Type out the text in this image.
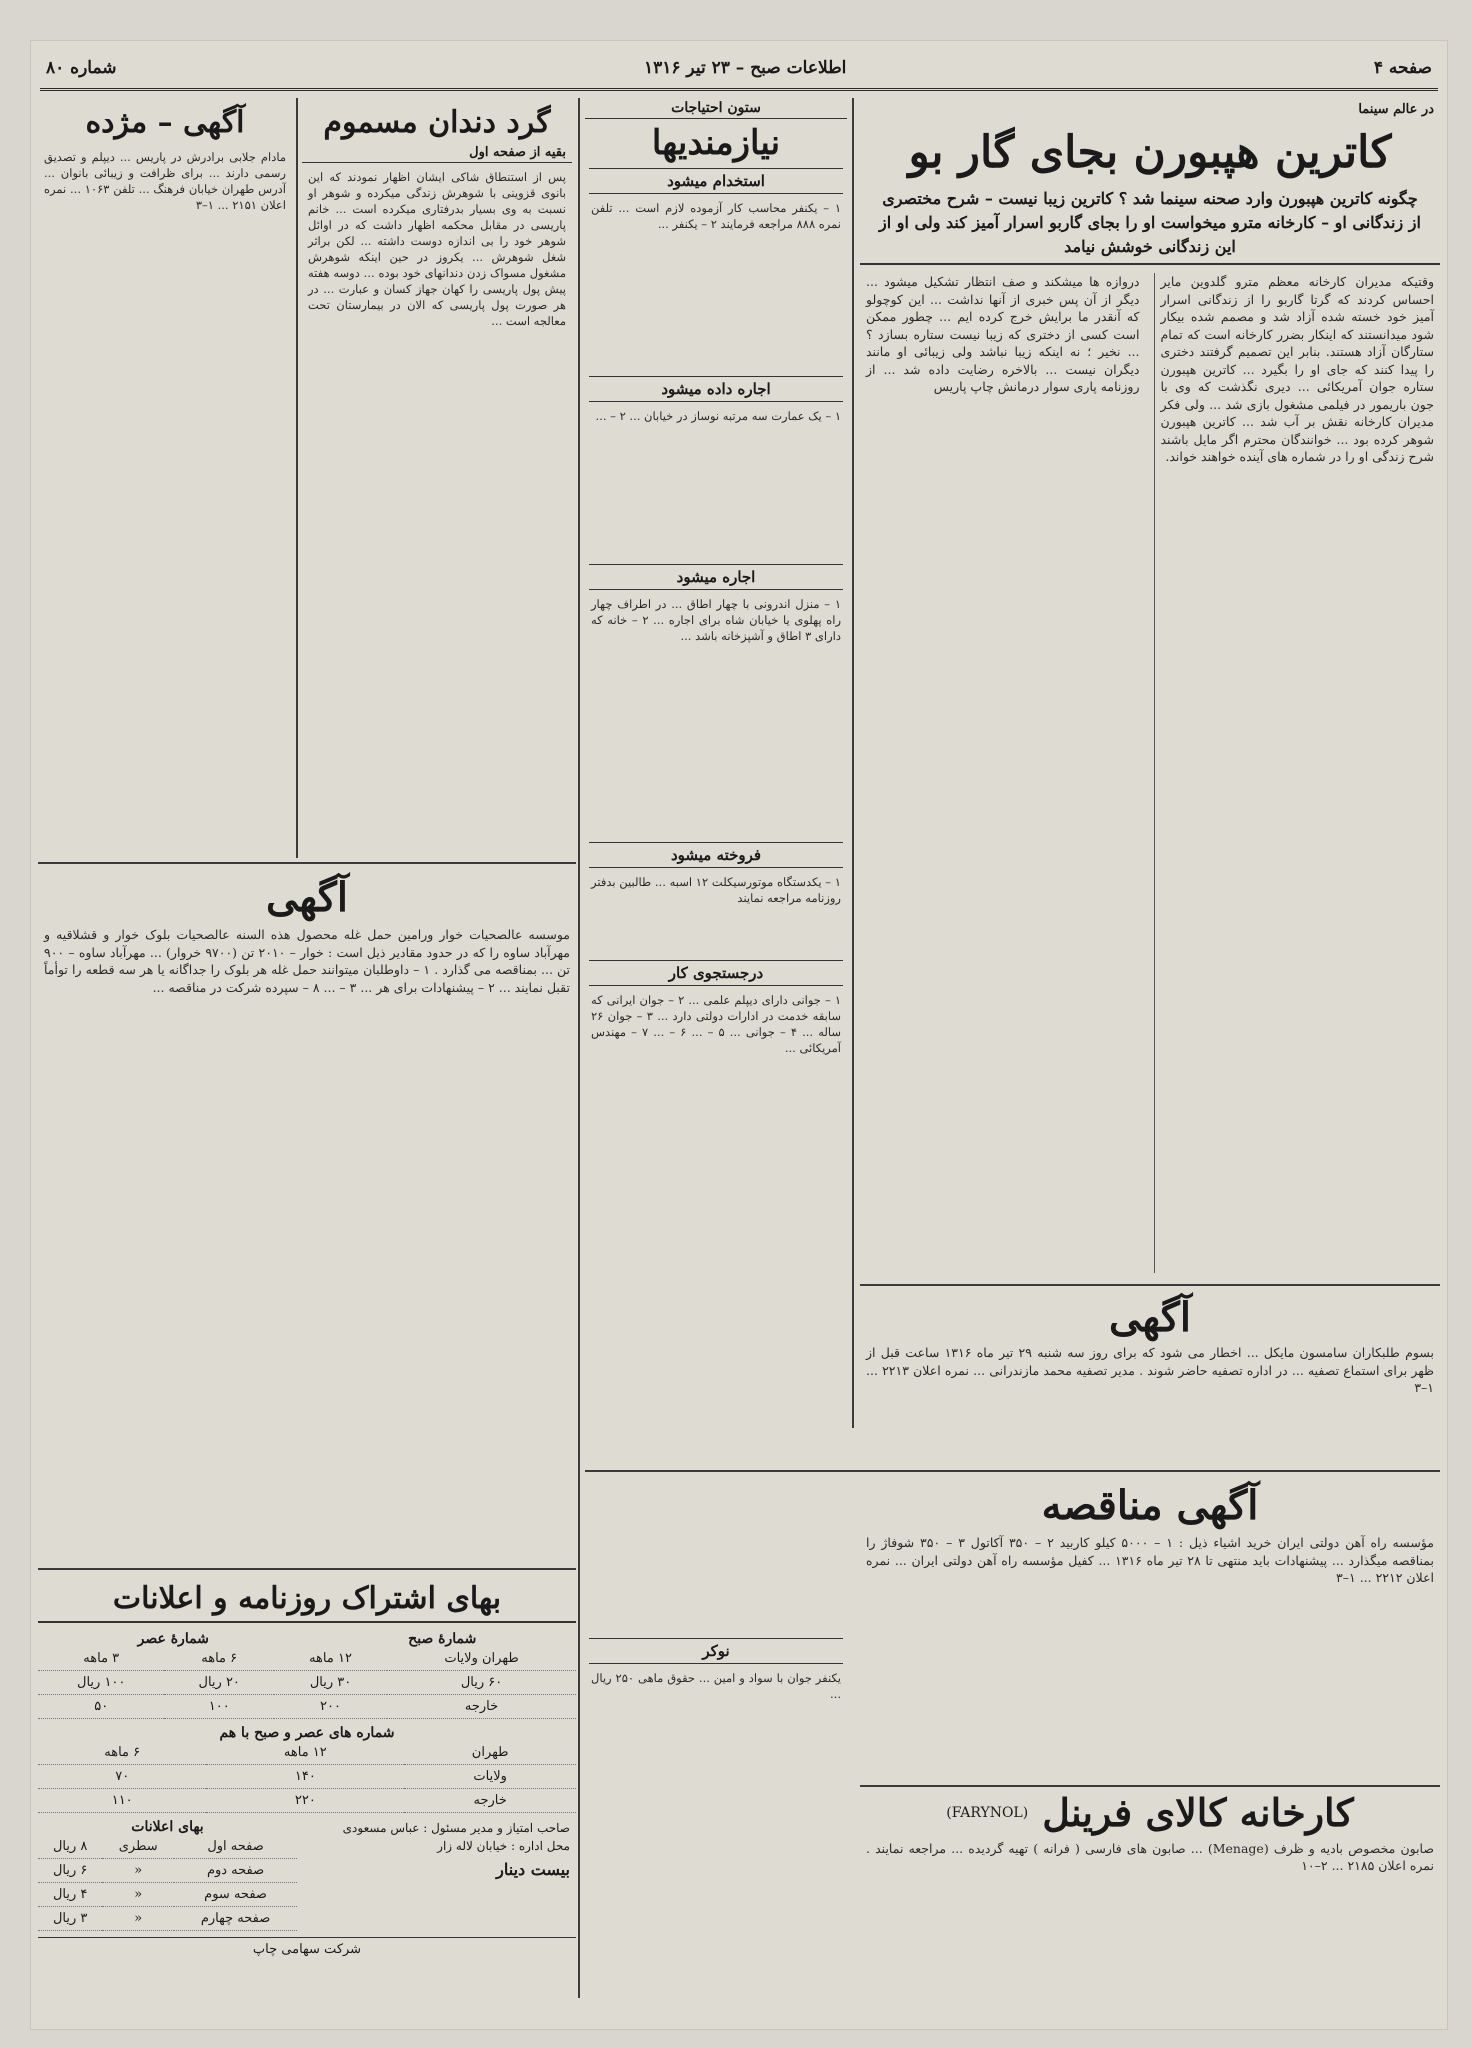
صفحه ۴
اطلاعات صبح – ۲۳ تیر ۱۳۱۶
شماره ۸۰
در عالم سینما
کاترین هپبورن بجای گار بو
چگونه کاترین هپبورن وارد صحنه سینما شد ؟ کاترین زیبا نیست – شرح مختصری از زندگانی او – کارخانه مترو میخواست او را بجای گاربو اسرار آمیز کند ولی او از این زندگانی خوشش نیامد
وقتیکه مدیران کارخانه معظم مترو گلدوین مایر احساس کردند که گرتا گاربو را از زندگانی اسرار آمیز خود خسته شده آزاد شد و مصمم شده بیکار شود میدانستند که اینکار بضرر کارخانه است که تمام ستارگان آزاد هستند. بنابر این تصمیم گرفتند دختری را پیدا کنند که جای او را بگیرد ... کاترین هپبورن ستاره جوان آمریکائی ... دیری نگذشت که وی با جون باریمور در فیلمی مشغول بازی شد ... ولی فکر مدیران کارخانه نقش بر آب شد ... کاترین هپبورن شوهر کرده بود ... خوانندگان محترم اگر مایل باشند شرح زندگی او را در شماره های آینده خواهند خواند.
دروازه ها میشکند و صف انتظار تشکیل میشود ... دیگر از آن پس خبری از آنها نداشت ... این کوچولو که آنقدر ما برایش خرج کرده ایم ... چطور ممکن است کسی از دختری که زیبا نیست ستاره بسازد ؟ ... نخیر ؛ نه اینکه زیبا نباشد ولی زیبائی او مانند دیگران نیست ... بالاخره رضایت داده شد ... از روزنامه پاری سوار درمانش چاپ پاریس
ستون احتیاجات
نیازمندیها
استخدام میشود
۱ – یکنفر محاسب کار آزموده لازم است ... تلفن نمره ۸۸۸ مراجعه فرمایند ۲ – یکنفر ...
اجاره داده میشود
۱ – یک عمارت سه مرتبه نوساز در خیابان ... ۲ – ...
اجاره میشود
۱ – منزل اندرونی با چهار اطاق ... در اطراف چهار راه پهلوی یا خیابان شاه برای اجاره ... ۲ – خانه که دارای ۳ اطاق و آشپزخانه باشد ...
فروخته میشود
۱ – یکدستگاه موتورسیکلت ۱۲ اسبه ... طالبین بدفتر روزنامه مراجعه نمایند
درجستجوی کار
۱ – جوانی دارای دیپلم علمی ... ۲ – جوان ایرانی که سابقه خدمت در ادارات دولتی دارد ... ۳ – جوان ۲۶ ساله ... ۴ – جوانی ... ۵ – ... ۶ – ... ۷ – مهندس آمریکائی ...
نوکر
یکنفر جوان با سواد و امین ... حقوق ماهی ۲۵۰ ریال ...
گرد دندان مسموم
بقیه از صفحه اول
پس از استنطاق شاکی ایشان اظهار نمودند که این بانوی قزوینی با شوهرش زندگی میکرده و شوهر او نسبت به وی بسیار بدرفتاری میکرده است ... خانم پاریسی در مقابل محکمه اظهار داشت که در اوائل شوهر خود را بی اندازه دوست داشته ... لکن براثر شغل شوهرش ... یکروز در حین اینکه شوهرش مشغول مسواک زدن دندانهای خود بوده ... دوسه هفته پیش پول پاریسی را کهان جهاز کسان و عبارت ... در هر صورت پول پاریسی که الان در بیمارستان تحت معالجه است ...
آگهی – مژده
مادام جلابی برادرش در پاریس ... دیپلم و تصدیق رسمی دارند ... برای ظرافت و زیبائی بانوان ... آدرس طهران خیابان فرهنگ ... تلفن ۱۰۶۳ ... نمره اعلان ۲۱۵۱ ... ۱–۳
آگهی
موسسه عالصحیات خوار ورامین حمل غله محصول هذه السنه عالصحیات بلوک خوار و قشلاقیه و مهرآباد ساوه را که در حدود مقادیر ذیل است : خوار – ۲۰۱۰ تن (۹۷۰۰ خروار) ... مهرآباد ساوه – ۹۰۰ تن ... بمناقصه می گذارد . ۱ – داوطلبان میتوانند حمل غله هر بلوک را جداگانه یا هر سه قطعه را توأماً تقبل نمایند ... ۲ – پیشنهادات برای هر ... ۳ – ... ۸ – سپرده شرکت در مناقصه ...
بهای اشتراک روزنامه و اعلانات
شمارهٔ صبح
شمارهٔ عصر
طهران ولایات	۱۲ ماهه	۶ ماهه	۳ ماهه
۶۰ ریال	۳۰ ریال	۲۰ ریال	۱۰۰ ریال
خارجه	۲۰۰	۱۰۰	۵۰
شماره های عصر و صبح با هم
طهران	۱۲ ماهه	۶ ماهه
ولایات	۱۴۰	۷۰
خارجه	۲۲۰	۱۱۰
صاحب امتیاز و مدیر مسئول : عباس مسعودی
محل اداره : خیابان لاله زار
بیست دینار
بهای اعلانات
صفحه اول	سطری	۸ ریال
صفحه دوم	«	۶ ریال
صفحه سوم	«	۴ ریال
صفحه چهارم	«	۳ ریال
شرکت سهامی چاپ
آگهی
بسوم طلبکاران سامسون مایکل ... اخطار می شود که برای روز سه شنبه ۲۹ تیر ماه ۱۳۱۶ ساعت قبل از ظهر برای استماع تصفیه ... در اداره تصفیه حاضر شوند . مدیر تصفیه محمد مازندرانی ... نمره اعلان ۲۲۱۳ ... ۱–۳
آگهی مناقصه
مؤسسه راه آهن دولتی ایران خرید اشیاء ذیل : ۱ – ۵۰۰۰ کیلو کاربید ۲ – ۳۵۰ آکاتول ۳ – ۳۵۰ شوفاژ را بمناقصه میگذارد ... پیشنهادات باید منتهی تا ۲۸ تیر ماه ۱۳۱۶ ... کفیل مؤسسه راه آهن دولتی ایران ... نمره اعلان ۲۲۱۲ ... ۱–۳
کارخانه کالای فرینل
(FARYNOL)
صابون مخصوص بادیه و ظرف (Menage) ... صابون های فارسی ( فرانه ) تهیه گردیده ... مراجعه نمایند . نمره اعلان ۲۱۸۵ ... ۲–۱۰
